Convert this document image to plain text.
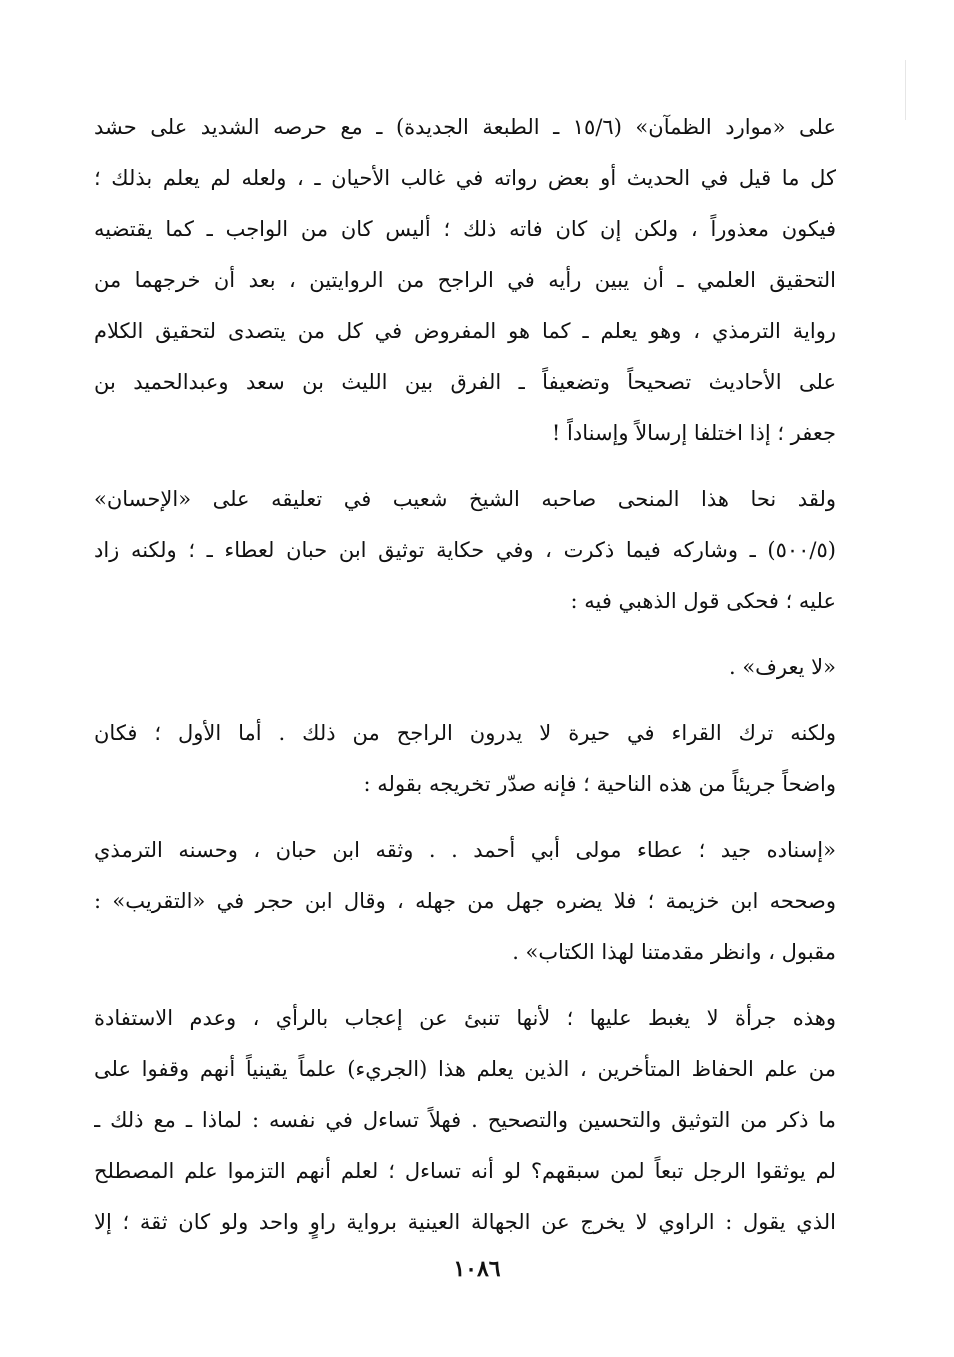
على «موارد الظمآن» (١٥/٦ ـ الطبعة الجديدة) ـ مع حرصه الشديد على حشد
كل ما قيل في الحديث أو بعض رواته في غالب الأحيان ـ ، ولعله لم يعلم بذلك ؛
فيكون معذوراً ، ولكن إن كان فاته ذلك ؛ أليس كان من الواجب ـ كما يقتضيه
التحقيق العلمي ـ أن يبين رأيه في الراجح من الروايتين ، بعد أن خرجهما من
رواية الترمذي ، وهو يعلم ـ كما هو المفروض في كل من يتصدى لتحقيق الكلام
على الأحاديث تصحيحاً وتضعيفاً ـ الفرق بين الليث بن سعد وعبدالحميد بن
جعفر ؛ إذا اختلفا إرسالاً وإسناداً !
ولقد نحا هذا المنحى صاحبه الشيخ شعيب في تعليقه على «الإحسان»
(٥٠٠/٥) ـ وشاركه فيما ذكرت ، وفي حكاية توثيق ابن حبان لعطاء ـ ؛ ولكنه زاد
عليه ؛ فحكى قول الذهبي فيه :
«لا يعرف» .
ولكنه ترك القراء في حيرة لا يدرون الراجح من ذلك . أما الأول ؛ فكان
واضحاً جريئاً من هذه الناحية ؛ فإنه صدّر تخريجه بقوله :
«إسناده جيد ؛ عطاء مولى أبي أحمد . . وثقه ابن حبان ، وحسنه الترمذي
وصححه ابن خزيمة ؛ فلا يضره جهل من جهله ، وقال ابن حجر في «التقريب» :
مقبول ، وانظر مقدمتنا لهذا الكتاب» .
وهذه جرأة لا يغبط عليها ؛ لأنها تنبئ عن إعجاب بالرأي ، وعدم الاستفادة
من علم الحفاظ المتأخرين ، الذين يعلم هذا (الجريء) علماً يقينياً أنهم وقفوا على
ما ذكر من التوثيق والتحسين والتصحيح . فهلاً تساءل في نفسه : لماذا ـ مع ذلك ـ
لم يوثقوا الرجل تبعاً لمن سبقهم؟ لو أنه تساءل ؛ لعلم أنهم التزموا علم المصطلح
الذي يقول : الراوي لا يخرج عن الجهالة العينية برواية راوٍ واحد ولو كان ثقة ؛ إلا
١٠٨٦
